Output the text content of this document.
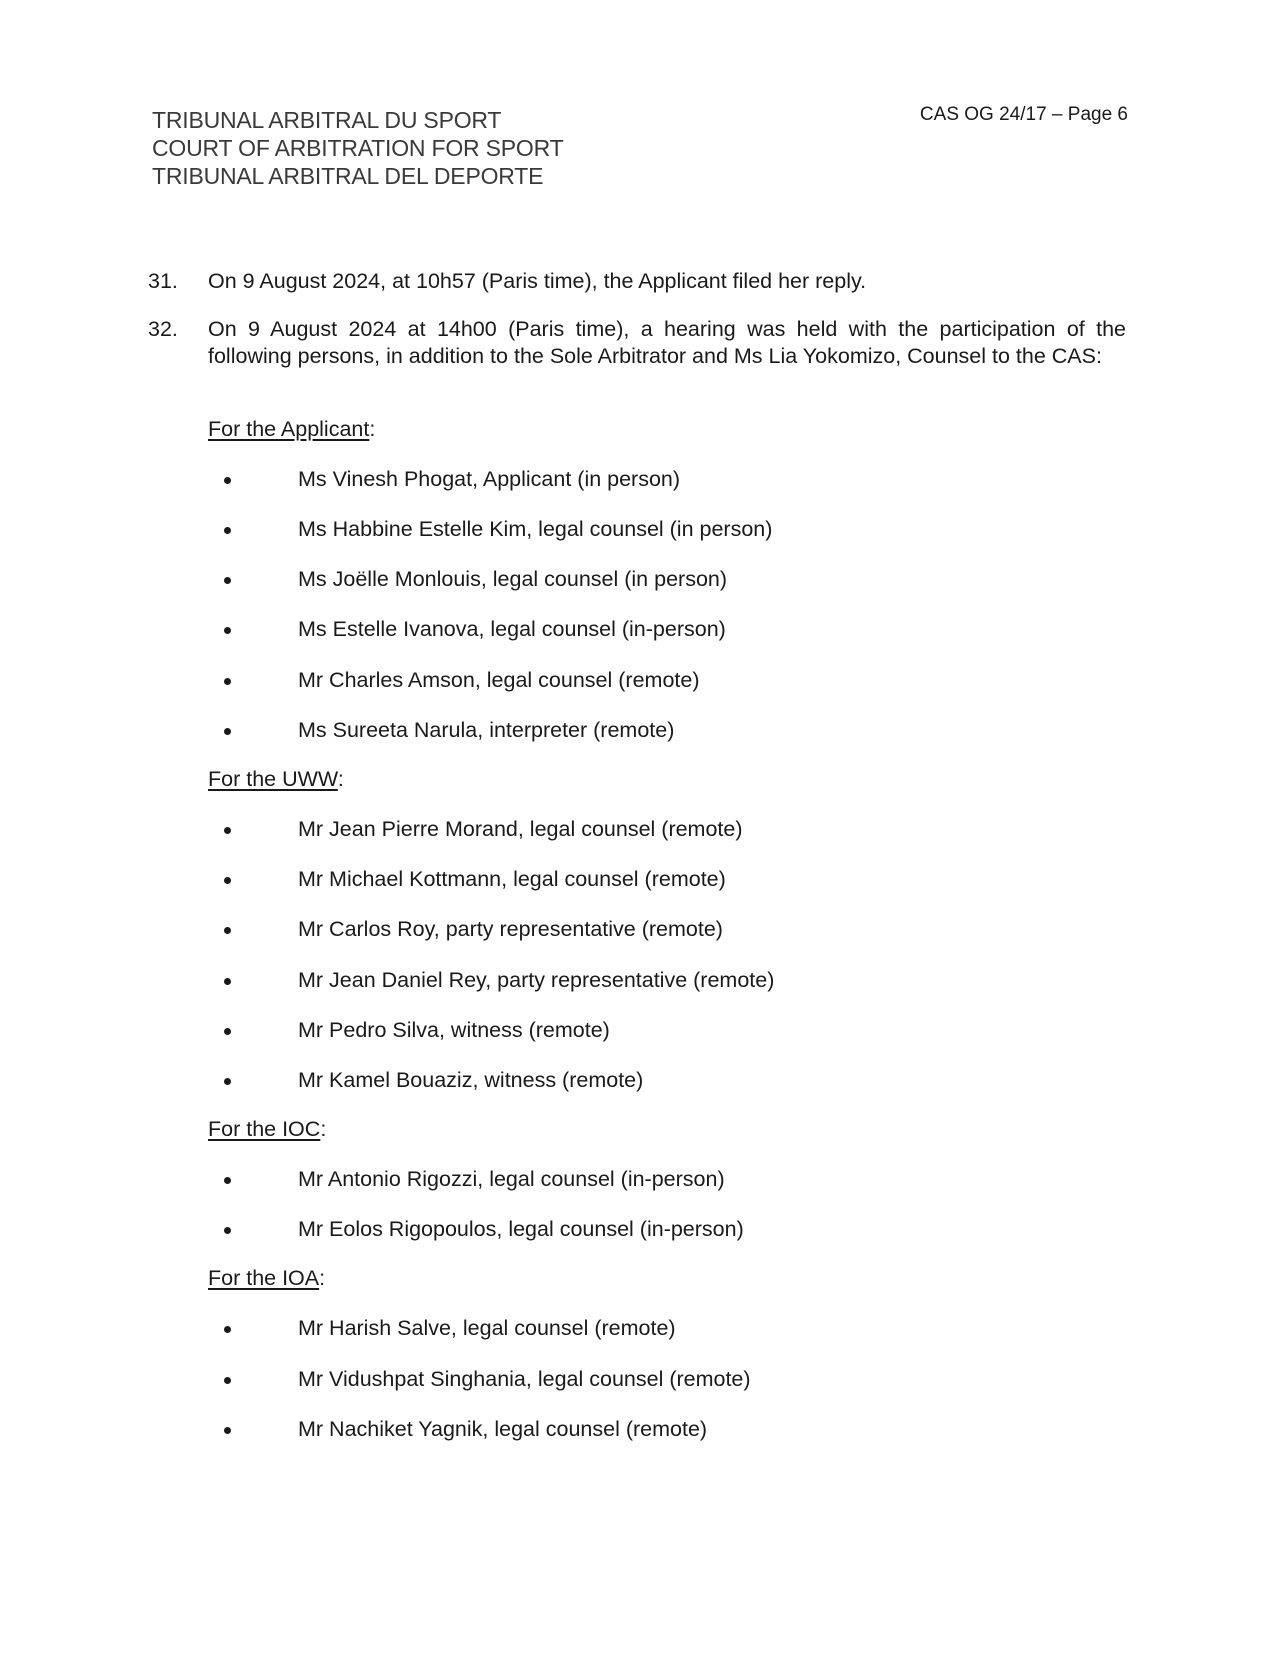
TRIBUNAL ARBITRAL DU SPORT
COURT OF ARBITRATION FOR SPORT
TRIBUNAL ARBITRAL DEL DEPORTE
CAS OG 24/17 – Page 6
31. On 9 August 2024, at 10h57 (Paris time), the Applicant filed her reply.
32. On 9 August 2024 at 14h00 (Paris time), a hearing was held with the participation of the following persons, in addition to the Sole Arbitrator and Ms Lia Yokomizo, Counsel to the CAS:
For the Applicant:
Ms Vinesh Phogat, Applicant (in person)
Ms Habbine Estelle Kim, legal counsel (in person)
Ms Joëlle Monlouis, legal counsel (in person)
Ms Estelle Ivanova, legal counsel (in-person)
Mr Charles Amson, legal counsel (remote)
Ms Sureeta Narula, interpreter (remote)
For the UWW:
Mr Jean Pierre Morand, legal counsel (remote)
Mr Michael Kottmann, legal counsel (remote)
Mr Carlos Roy, party representative (remote)
Mr Jean Daniel Rey, party representative (remote)
Mr Pedro Silva, witness (remote)
Mr Kamel Bouaziz, witness (remote)
For the IOC:
Mr Antonio Rigozzi, legal counsel (in-person)
Mr Eolos Rigopoulos, legal counsel (in-person)
For the IOA:
Mr Harish Salve, legal counsel (remote)
Mr Vidushpat Singhania, legal counsel (remote)
Mr Nachiket Yagnik, legal counsel (remote)
